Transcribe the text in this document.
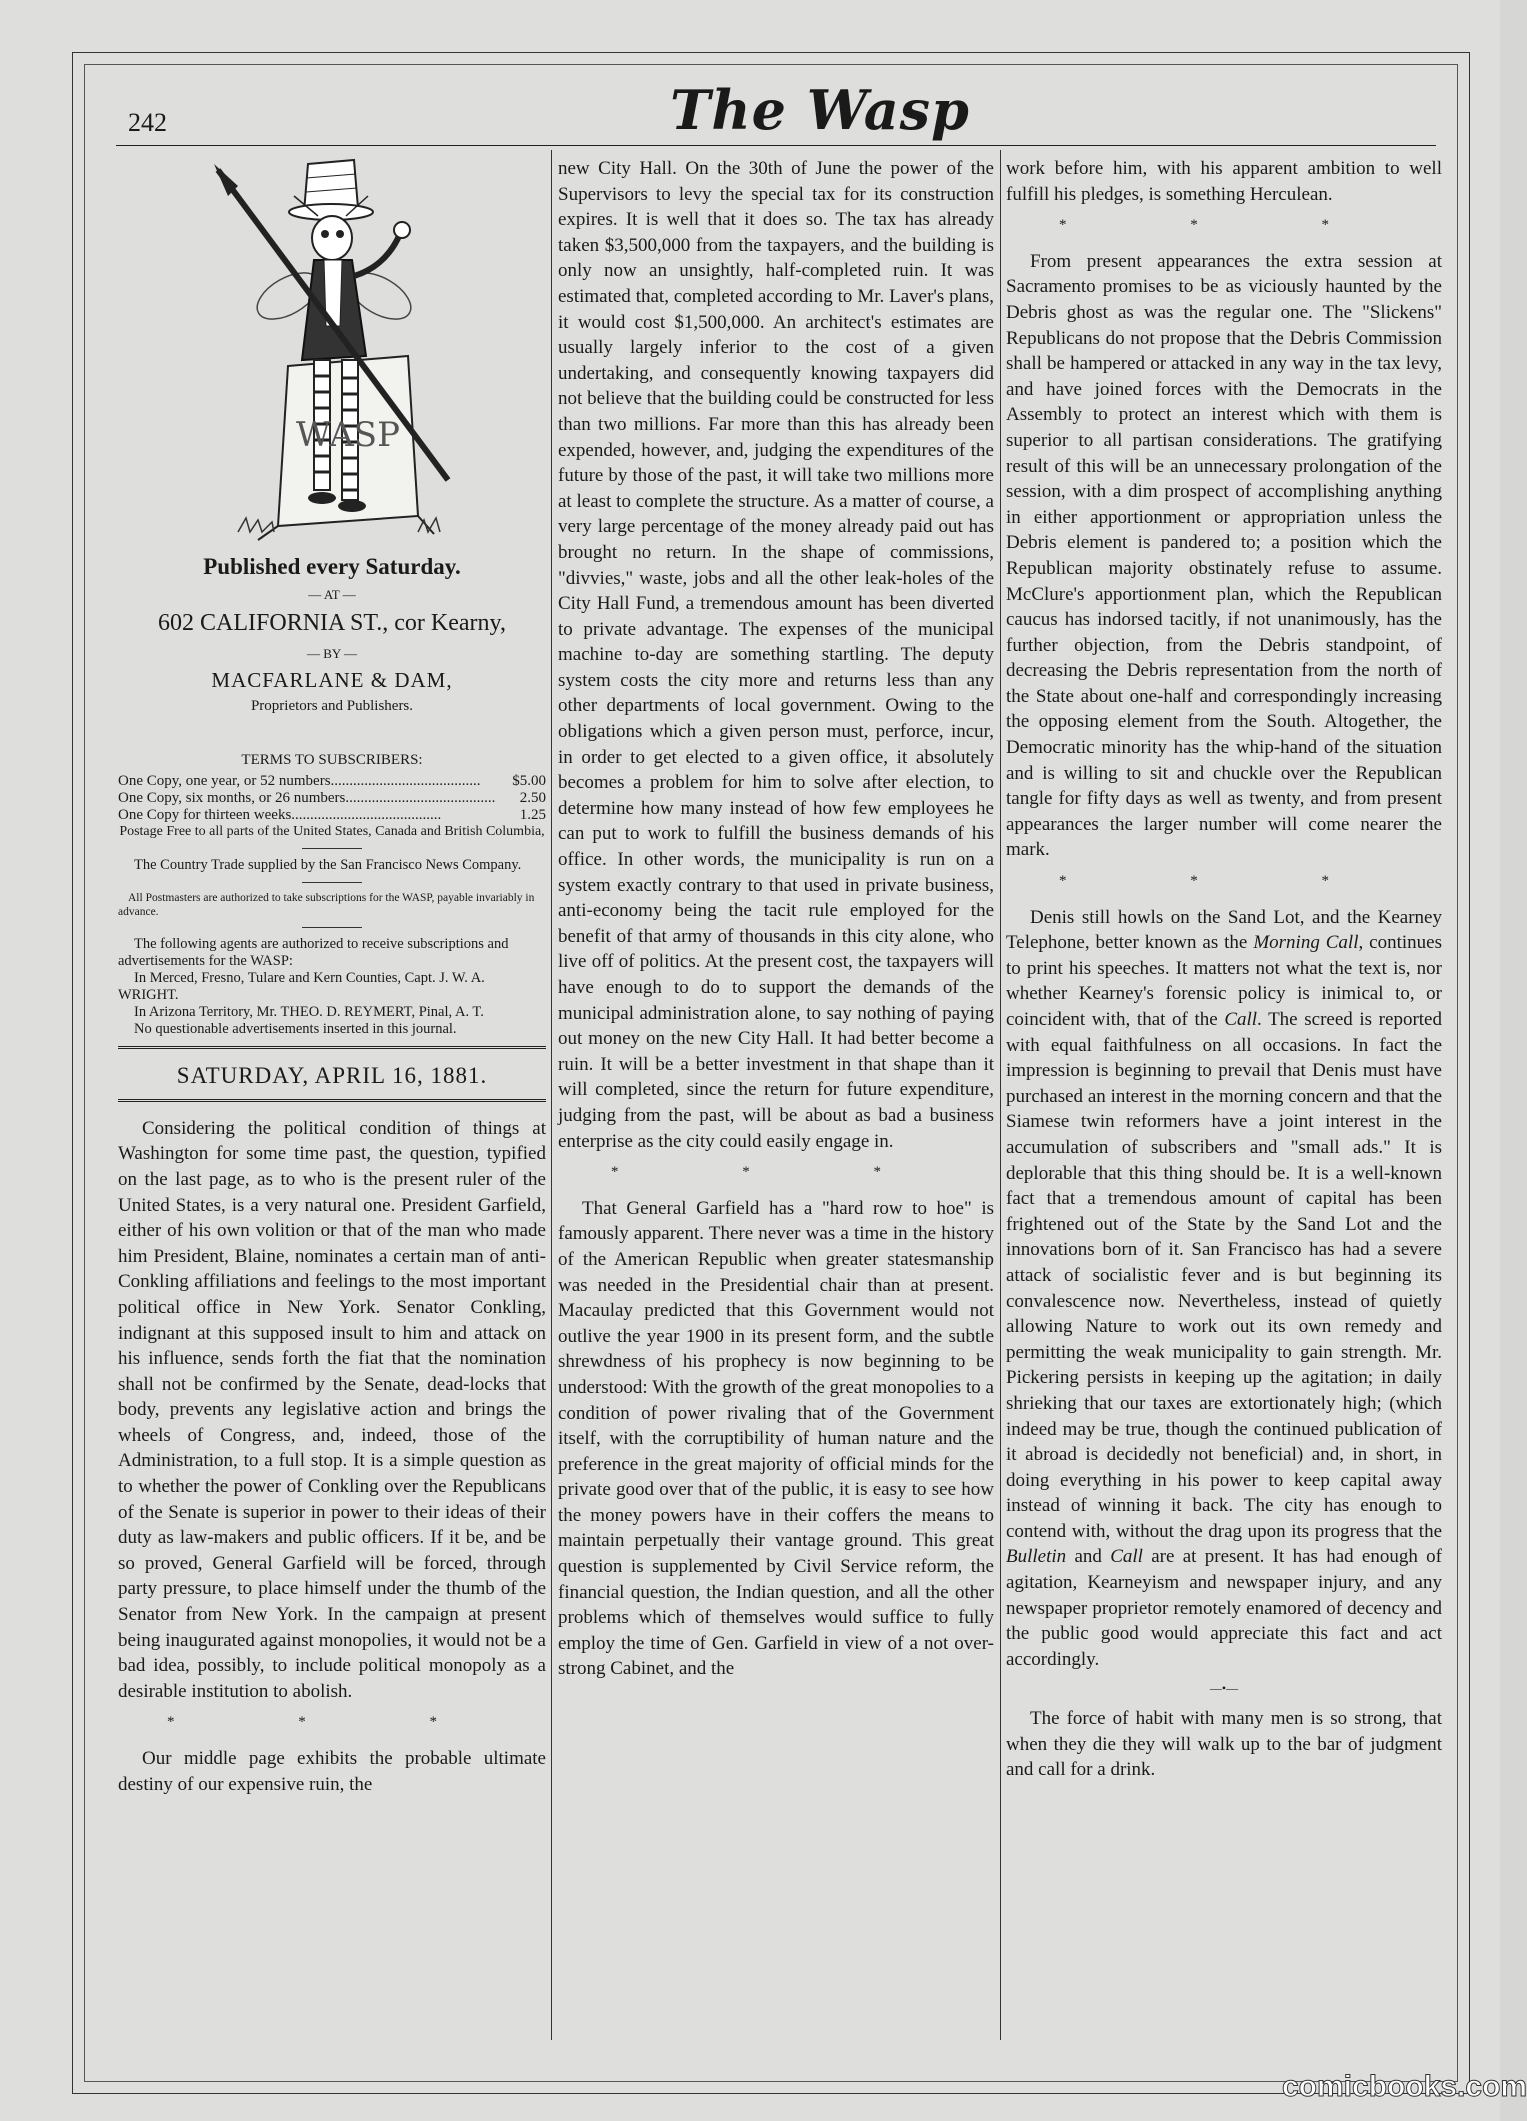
242	The Wasp
WASP
Published every Saturday.
— AT —
602 CALIFORNIA ST., cor Kearny,
— BY —
MACFARLANE & DAM,
Proprietors and Publishers.
TERMS TO SUBSCRIBERS:
One Copy, one year, or 52 numbers ........................................	$5.00
One Copy, six months, or 26 numbers ........................................	2.50
One Copy for thirteen weeks ........................................	1.25
Postage Free to all parts of the United States, Canada and British Columbia,
The Country Trade supplied by the San Francisco News Company.
All Postmasters are authorized to take subscriptions for the WASP, payable invariably in advance.
The following agents are authorized to receive subscriptions and advertisements for the WASP:
In Merced, Fresno, Tulare and Kern Counties, Capt. J. W. A. WRIGHT.
In Arizona Territory, Mr. THEO. D. REYMERT, Pinal, A. T.
No questionable advertisements inserted in this journal.
SATURDAY, APRIL 16, 1881.

Considering the political condition of things at Washington for some time past, the question, typified on the last page, as to who is the present ruler of the United States, is a very natural one. President Garfield, either of his own volition or that of the man who made him President, Blaine, nominates a certain man of anti-Conkling affiliations and feelings to the most important political office in New York. Senator Conkling, indignant at this supposed insult to him and attack on his influence, sends forth the fiat that the nomination shall not be confirmed by the Senate, dead-locks that body, prevents any legislative action and brings the wheels of Congress, and, indeed, those of the Administration, to a full stop. It is a simple question as to whether the power of Conkling over the Republicans of the Senate is superior in power to their ideas of their duty as law-makers and public officers. If it be, and be so proved, General Garfield will be forced, through party pressure, to place himself under the thumb of the Senator from New York. In the campaign at present being inaugurated against monopolies, it would not be a bad idea, possibly, to include political monopoly as a desirable institution to abolish.

* * *

Our middle page exhibits the probable ultimate destiny of our expensive ruin, the

new City Hall. On the 30th of June the power of the Supervisors to levy the special tax for its construction expires. It is well that it does so. The tax has already taken $3,500,000 from the taxpayers, and the building is only now an unsightly, half-completed ruin. It was estimated that, completed according to Mr. Laver's plans, it would cost $1,500,000. An architect's estimates are usually largely inferior to the cost of a given undertaking, and consequently knowing taxpayers did not believe that the building could be constructed for less than two millions. Far more than this has already been expended, however, and, judging the expenditures of the future by those of the past, it will take two millions more at least to complete the structure. As a matter of course, a very large percentage of the money already paid out has brought no return. In the shape of commissions, "divvies," waste, jobs and all the other leak-holes of the City Hall Fund, a tremendous amount has been diverted to private advantage. The expenses of the municipal machine to-day are something startling. The deputy system costs the city more and returns less than any other departments of local government. Owing to the obligations which a given person must, perforce, incur, in order to get elected to a given office, it absolutely becomes a problem for him to solve after election, to determine how many instead of how few employees he can put to work to fulfill the business demands of his office. In other words, the municipality is run on a system exactly contrary to that used in private business, anti-economy being the tacit rule employed for the benefit of that army of thousands in this city alone, who live off of politics. At the present cost, the taxpayers will have enough to do to support the demands of the municipal administration alone, to say nothing of paying out money on the new City Hall. It had better become a ruin. It will be a better investment in that shape than it will completed, since the return for future expenditure, judging from the past, will be about as bad a business enterprise as the city could easily engage in.

* * *

That General Garfield has a "hard row to hoe" is famously apparent. There never was a time in the history of the American Republic when greater statesmanship was needed in the Presidential chair than at present. Macaulay predicted that this Government would not outlive the year 1900 in its present form, and the subtle shrewdness of his prophecy is now beginning to be understood: With the growth of the great monopolies to a condition of power rivaling that of the Government itself, with the corruptibility of human nature and the preference in the great majority of official minds for the private good over that of the public, it is easy to see how the money powers have in their coffers the means to maintain perpetually their vantage ground. This great question is supplemented by Civil Service reform, the financial question, the Indian question, and all the other problems which of themselves would suffice to fully employ the time of Gen. Garfield in view of a not over-strong Cabinet, and the

work before him, with his apparent ambition to well fulfill his pledges, is something Herculean.

* * *

From present appearances the extra session at Sacramento promises to be as viciously haunted by the Debris ghost as was the regular one. The "Slickens" Republicans do not propose that the Debris Commission shall be hampered or attacked in any way in the tax levy, and have joined forces with the Democrats in the Assembly to protect an interest which with them is superior to all partisan considerations. The gratifying result of this will be an unnecessary prolongation of the session, with a dim prospect of accomplishing anything in either apportionment or appropriation unless the Debris element is pandered to; a position which the Republican majority obstinately refuse to assume. McClure's apportionment plan, which the Republican caucus has indorsed tacitly, if not unanimously, has the further objection, from the Debris standpoint, of decreasing the Debris representation from the north of the State about one-half and correspondingly increasing the opposing element from the South. Altogether, the Democratic minority has the whip-hand of the situation and is willing to sit and chuckle over the Republican tangle for fifty days as well as twenty, and from present appearances the larger number will come nearer the mark.

* * *

Denis still howls on the Sand Lot, and the Kearney Telephone, better known as the Morning Call, continues to print his speeches. It matters not what the text is, nor whether Kearney's forensic policy is inimical to, or coincident with, that of the Call. The screed is reported with equal faithfulness on all occasions. In fact the impression is beginning to prevail that Denis must have purchased an interest in the morning concern and that the Siamese twin reformers have a joint interest in the accumulation of subscribers and "small ads." It is deplorable that this thing should be. It is a well-known fact that a tremendous amount of capital has been frightened out of the State by the Sand Lot and the innovations born of it. San Francisco has had a severe attack of socialistic fever and is but beginning its convalescence now. Nevertheless, instead of quietly allowing Nature to work out its own remedy and permitting the weak municipality to gain strength. Mr. Pickering persists in keeping up the agitation; in daily shrieking that our taxes are extortionately high; (which indeed may be true, though the continued publication of it abroad is decidedly not beneficial) and, in short, in doing everything in his power to keep capital away instead of winning it back. The city has enough to contend with, without the drag upon its progress that the Bulletin and Call are at present. It has had enough of agitation, Kearneyism and newspaper injury, and any newspaper proprietor remotely enamored of decency and the public good would appreciate this fact and act accordingly.

—•—

The force of habit with many men is so strong, that when they die they will walk up to the bar of judgment and call for a drink.

comicbooks.com
